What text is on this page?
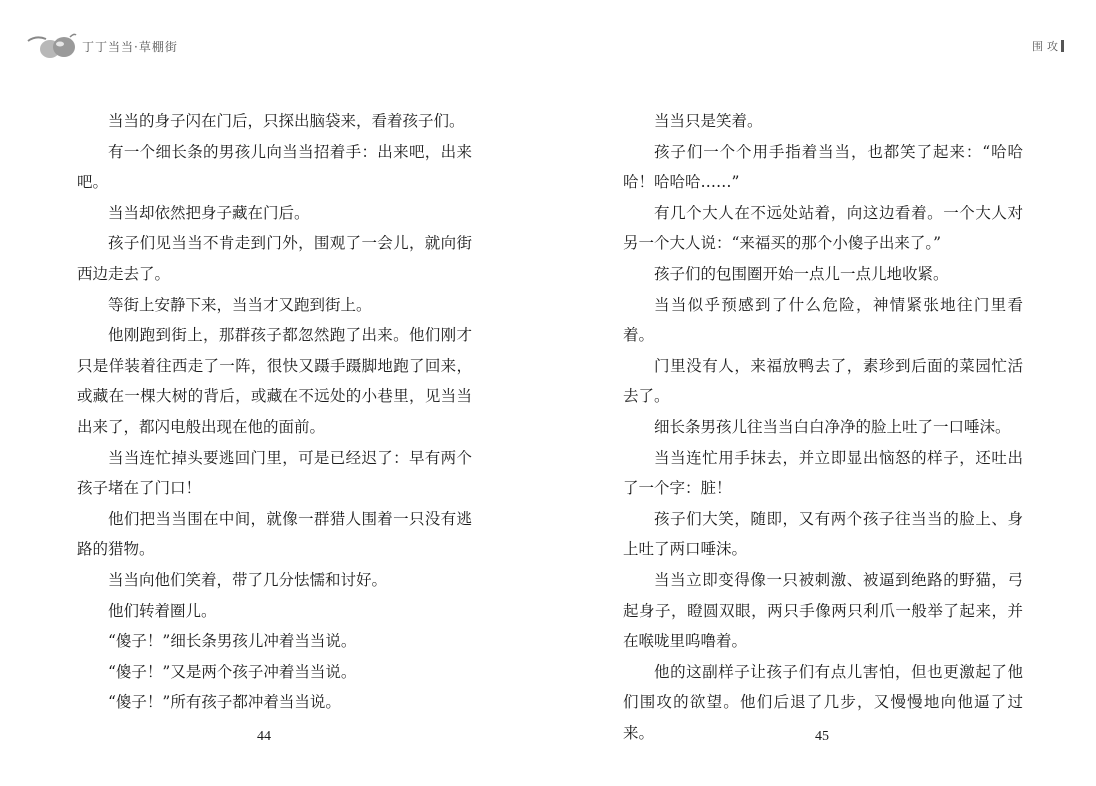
丁丁当当·草棚街

当当的身子闪在门后，只探出脑袋来，看着孩子们。

有一个细长条的男孩儿向当当招着手：出来吧，出来吧。

当当却依然把身子藏在门后。

孩子们见当当不肯走到门外，围观了一会儿，就向街西边走去了。

等街上安静下来，当当才又跑到街上。

他刚跑到街上，那群孩子都忽然跑了出来。他们刚才只是佯装着往西走了一阵，很快又蹑手蹑脚地跑了回来，或藏在一棵大树的背后，或藏在不远处的小巷里，见当当出来了，都闪电般出现在他的面前。

当当连忙掉头要逃回门里，可是已经迟了：早有两个孩子堵在了门口！

他们把当当围在中间，就像一群猎人围着一只没有逃路的猎物。

当当向他们笑着，带了几分怯懦和讨好。

他们转着圈儿。

“傻子！”细长条男孩儿冲着当当说。

“傻子！”又是两个孩子冲着当当说。

“傻子！”所有孩子都冲着当当说。

44
围 攻

当当只是笑着。

孩子们一个个用手指着当当，也都笑了起来：“哈哈哈！哈哈哈……”

有几个大人在不远处站着，向这边看着。一个大人对另一个大人说：“来福买的那个小傻子出来了。”

孩子们的包围圈开始一点儿一点儿地收紧。

当当似乎预感到了什么危险，神情紧张地往门里看着。

门里没有人，来福放鸭去了，素珍到后面的菜园忙活去了。

细长条男孩儿往当当白白净净的脸上吐了一口唾沫。

当当连忙用手抹去，并立即显出恼怒的样子，还吐出了一个字：脏！

孩子们大笑，随即，又有两个孩子往当当的脸上、身上吐了两口唾沫。

当当立即变得像一只被刺激、被逼到绝路的野猫，弓起身子，瞪圆双眼，两只手像两只利爪一般举了起来，并在喉咙里呜噜着。

他的这副样子让孩子们有点儿害怕，但也更激起了他们围攻的欲望。他们后退了几步，又慢慢地向他逼了过来。	45
